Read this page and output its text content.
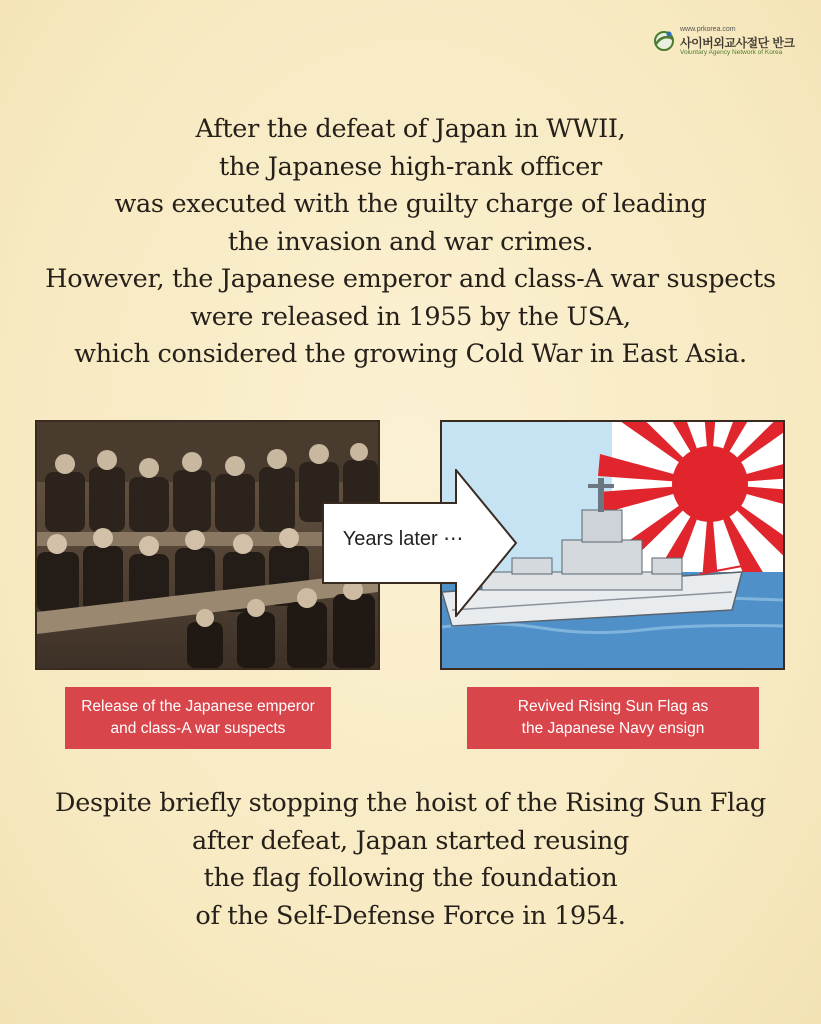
www.prkorea.com
사이버외교사절단 반크
Voluntary Agency Network of Korea
After the defeat of Japan in WWII,
the Japanese high-rank officer
was executed with the guilty charge of leading
the invasion and war crimes.
However, the Japanese emperor and class-A war suspects
were released in 1955 by the USA,
which considered the growing Cold War in East Asia.
Years later ⋯
Release of the Japanese emperor
and class-A war suspects
Revived Rising Sun Flag as
the Japanese Navy ensign
Despite briefly stopping the hoist of the Rising Sun Flag
after defeat, Japan started reusing
the flag following the foundation
of the Self-Defense Force in 1954.
